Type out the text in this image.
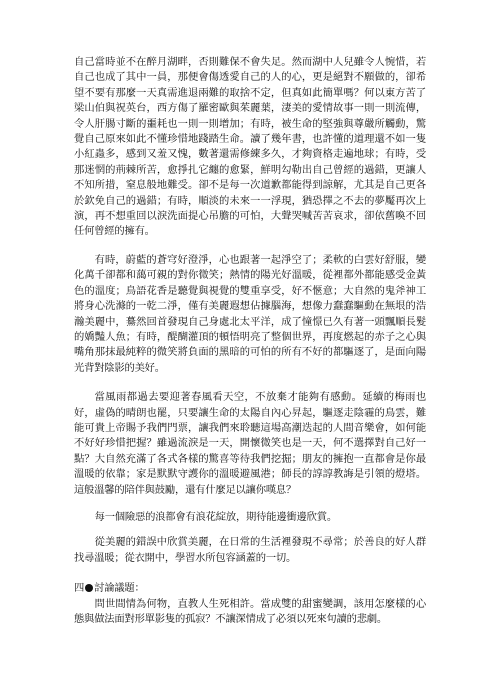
自己當時並不在醉月湖畔，否則難保不會失足。然而湖中人兒雖令人惋惜，若自己也成了其中一員，那便會傷透愛自己的人的心，更是絕對不願做的，卻希望不要有那麼一天真需進退兩難的取捨不定，但真如此簡單嗎？何以東方苦了梁山伯與祝英台，西方傷了羅密歐與茱麗葉，淒美的愛情故事一則一則流傳，令人肝腸寸斷的噩耗也一則一則增加；有時，被生命的堅強與尊嚴所觸動，驚覺自己原來如此不懂珍惜地踐踏生命。讀了幾年書，也許懂的道理還不如一隻小紅蟲多，感到又羞又愧，數著還需修練多久，才夠資格走遍地球；有時，受那迷惘的荊棘所苦，愈掙扎它纏的愈緊，鮮明勾勒出自己曾經的過錯，更讓人不知所措，窒息般地難受。卻不是每一次道歉都能得到諒解，尤其是自己更各於欽免自己的過錯；有時，順淡的未來一一浮現，猶恐擇之不去的夢魘再次上演，再不想重回以淚洗面提心吊膽的可怕，大聲哭喊苦苦哀求，卻依舊喚不回任何曾經的擁有。

有時，蔚藍的蒼穹好澄淨，心也跟著一起淨空了；柔軟的白雲好舒服，變化萬千卻都和藹可親的對你微笑；熱情的陽光好溫暖，從裡都外都能感受金黃色的溫度；鳥語花香是聽覺與視覺的雙重享受，好不愜意；大自然的鬼斧神工將身心洗滌的一乾二淨，僅有美麗遐想佔據腦海，想像力蠢蠢驅動在無垠的浩瀚美麗中，驀然回首發現自己身處北太平洋，成了憧憬已久有著一頭飄順長髮的嬌豔人魚；有時，醍醐灌頂的頓悟明亮了整個世界，再度燃起的赤子之心與嘴角那抹最純粹的微笑將負面的黑暗的可怕的所有不好的都驅逐了，是面向陽光背對陰影的美好。

當風雨都過去要迎著春風看天空，不放棄才能夠有感動。延續的梅雨也好，虛偽的晴朗也罷，只要讓生命的太陽自內心昇起，驅逐走陰霾的鳥雲，難能可貴上帝賜予我們門票，讓我們來聆聽這場高潮迭起的人間音樂會，如何能不好好珍惜把握？雖過流淚是一天，開懷微笑也是一天，何不選擇對自己好一點？大自然充滿了各式各樣的驚喜等待我們挖掘；朋友的擁抱一直都會是你最溫暖的依靠；家是默默守護你的溫暖避風港；師長的諄諄教誨是引領的燈塔。這般溫馨的陪伴與鼓勵，還有什麼足以讓你嘆息？

每一個險惡的浪都會有浪花綻放，期待能邊衝邊欣賞。

從美麗的錯誤中欣賞美麗，在日常的生活裡發現不尋常；於善良的好人群找尋溫暖；從衣開中，學習水所包容涵蓋的一切。

四 討論議題：

問世間情為何物，直教人生死相許。當成雙的甜蜜變調，該用怎麼樣的心態與做法面對形單影隻的孤寂？不讓深情成了必須以死來句讀的悲劇。
